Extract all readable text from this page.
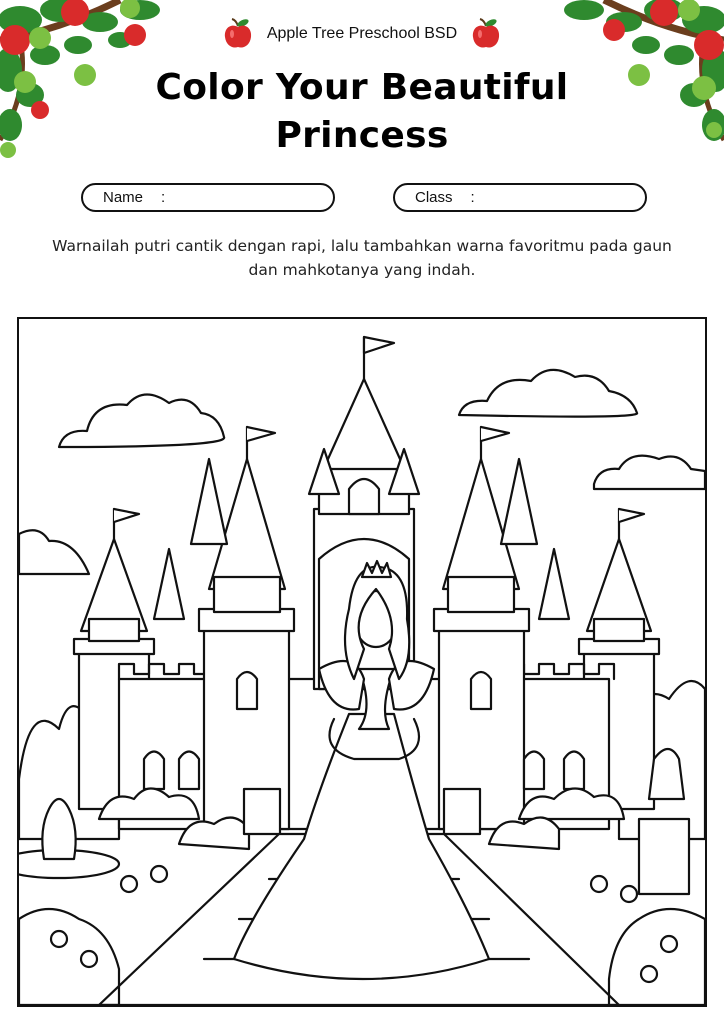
Apple Tree Preschool BSD
Color Your Beautiful Princess
Name :	Class :
Warnailah putri cantik dengan rapi, lalu tambahkan warna favoritmu pada gaun dan mahkotanya yang indah.
